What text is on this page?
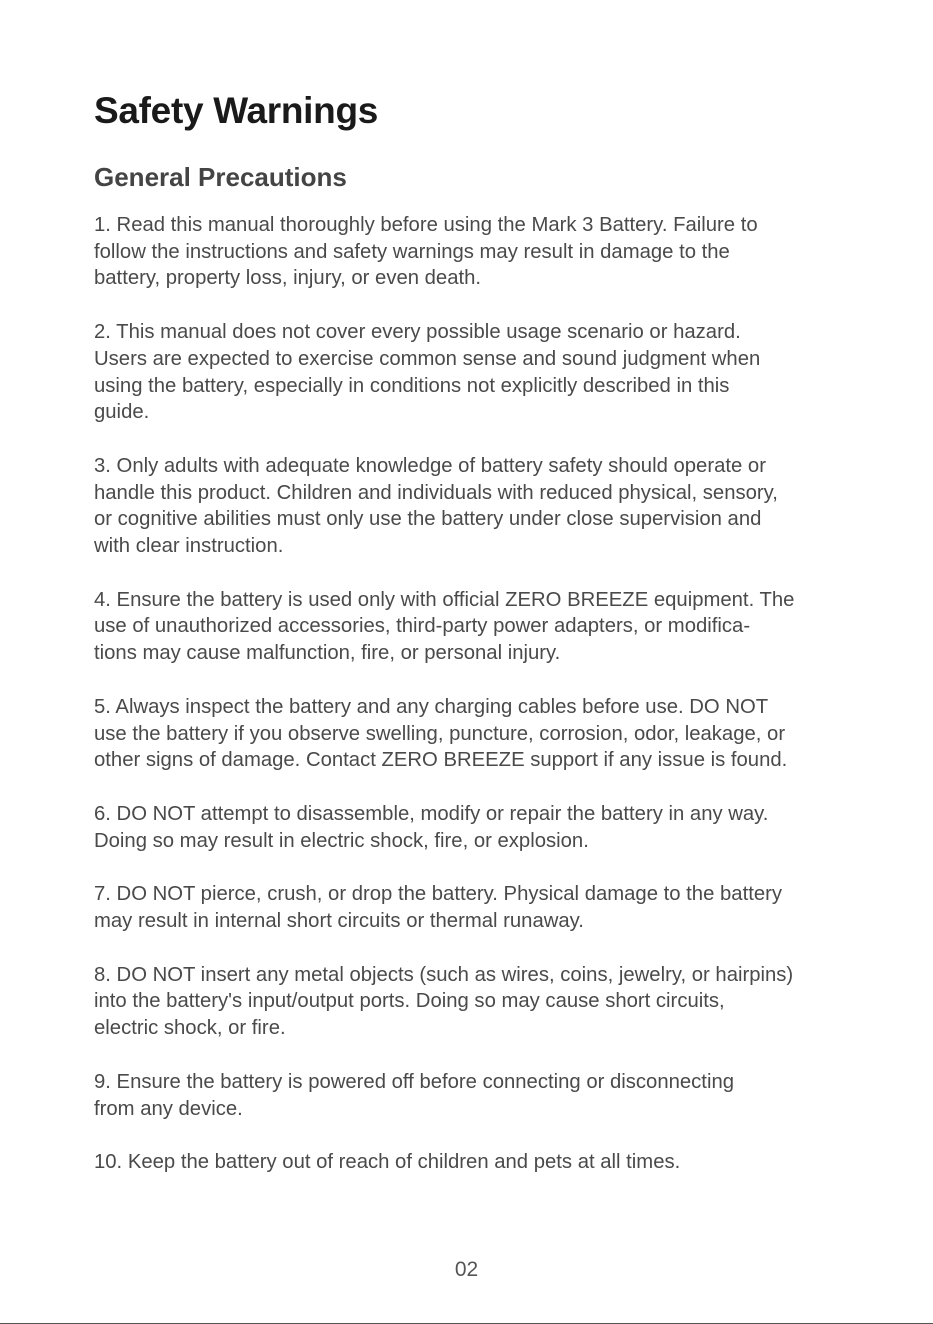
Safety Warnings
General Precautions
1. Read this manual thoroughly before using the Mark 3 Battery. Failure to
follow the instructions and safety warnings may result in damage to the
battery, property loss, injury, or even death.
2. This manual does not cover every possible usage scenario or hazard.
Users are expected to exercise common sense and sound judgment when
using the battery, especially in conditions not explicitly described in this
guide.
3. Only adults with adequate knowledge of battery safety should operate or
handle this product. Children and individuals with reduced physical, sensory,
or cognitive abilities must only use the battery under close supervision and
with clear instruction.
4. Ensure the battery is used only with official ZERO BREEZE equipment. The
use of unauthorized accessories, third-party power adapters, or modifica-
tions may cause malfunction, fire, or personal injury.
5. Always inspect the battery and any charging cables before use. DO NOT
use the battery if you observe swelling, puncture, corrosion, odor, leakage, or
other signs of damage. Contact ZERO BREEZE support if any issue is found.
6. DO NOT attempt to disassemble, modify or repair the battery in any way.
Doing so may result in electric shock, fire, or explosion.
7. DO NOT pierce, crush, or drop the battery. Physical damage to the battery
may result in internal short circuits or thermal runaway.
8. DO NOT insert any metal objects (such as wires, coins, jewelry, or hairpins)
into the battery's input/output ports. Doing so may cause short circuits,
electric shock, or fire.
9. Ensure the battery is powered off before connecting or disconnecting
from any device.
10. Keep the battery out of reach of children and pets at all times.
02
